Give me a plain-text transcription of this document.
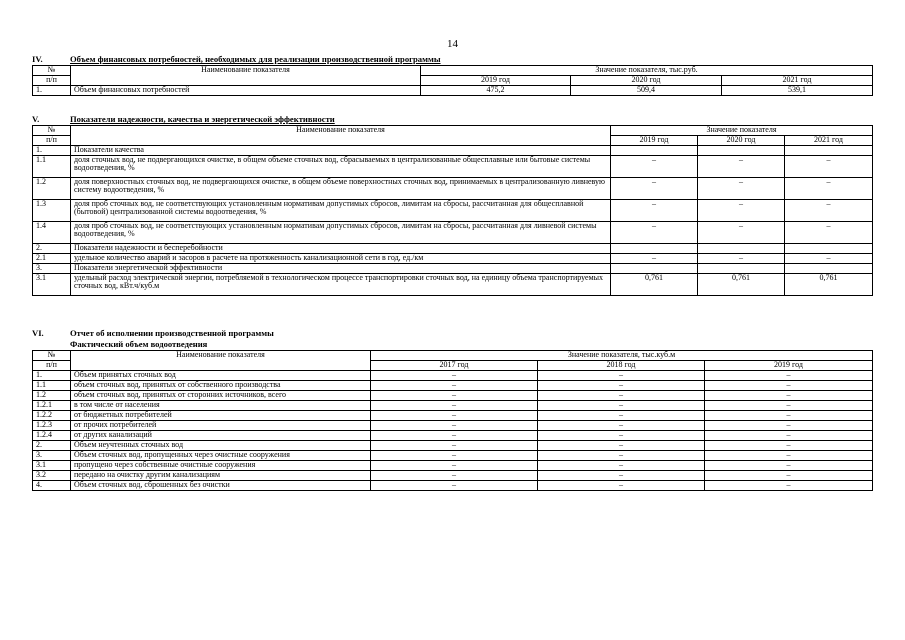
14
IV.	Объем финансовых потребностей, необходимых для реализации производственной программы
№	Наименование показателя	Значение показателя, тыс.руб.		
п/п		2019 год	2020 год	2021 год
1.	Объем финансовых потребностей	475,2	509,4	539,1
V.	Показатели надежности, качества и энергетической эффективности
№	Наименование показателя	Значение показателя		
п/п		2019 год	2020 год	2021 год
1.	Показатели качества			
1.1	доля сточных вод, не подвергающихся очистке, в общем объеме сточных вод, сбрасываемых в централизованные общесплавные или бытовые системы водоотведения, %	–	–	–
1.2	доля поверхностных сточных вод, не подвергающихся очистке, в общем объеме поверхностных сточных вод, принимаемых в централизованную ливневую систему водоотведения, %	–	–	–
1.3	доля проб сточных вод, не соответствующих установленным нормативам допустимых сбросов, лимитам на сбросы, рассчитанная для общесплавной (бытовой) централизованной системы водоотведения, %	–	–	–
1.4	доля проб сточных вод, не соответствующих установленным нормативам допустимых сбросов, лимитам на сбросы, рассчитанная для ливневой системы водоотведения, %	–	–	–
2.	Показатели надежности и бесперебойности			
2.1	удельное количество аварий и засоров в расчете на протяженность канализационной сети в год, ед./км	–	–	–
3.	Показатели энергетической эффективности			
3.1	удельный расход электрической энергии, потребляемой в технологическом процессе транспортировки сточных вод, на единицу объема транспортируемых сточных вод, кВт.ч/куб.м	0,761	0,761	0,761
VI.	Отчет об исполнении производственной программы
Фактический объем водоотведения
№	Наименование показателя	Значение показателя, тыс.куб.м		
п/п		2017 год	2018 год	2019 год
1.	Объем принятых сточных вод	–	–	–
1.1	объем сточных вод, принятых от собственного производства	–	–	–
1.2	объем сточных вод, принятых от сторонних источников, всего	–	–	–
1.2.1	в том числе от населения	–	–	–
1.2.2	от бюджетных потребителей	–	–	–
1.2.3	от прочих потребителей	–	–	–
1.2.4	от других канализаций	–	–	–
2.	Объем неучтенных сточных вод	–	–	–
3.	Объем сточных вод, пропущенных через очистные сооружения	–	–	–
3.1	пропущено через собственные очистные сооружения	–	–	–
3.2	передано на очистку другим канализациям	–	–	–
4.	Объем сточных вод, сброшенных без очистки	–	–	–
